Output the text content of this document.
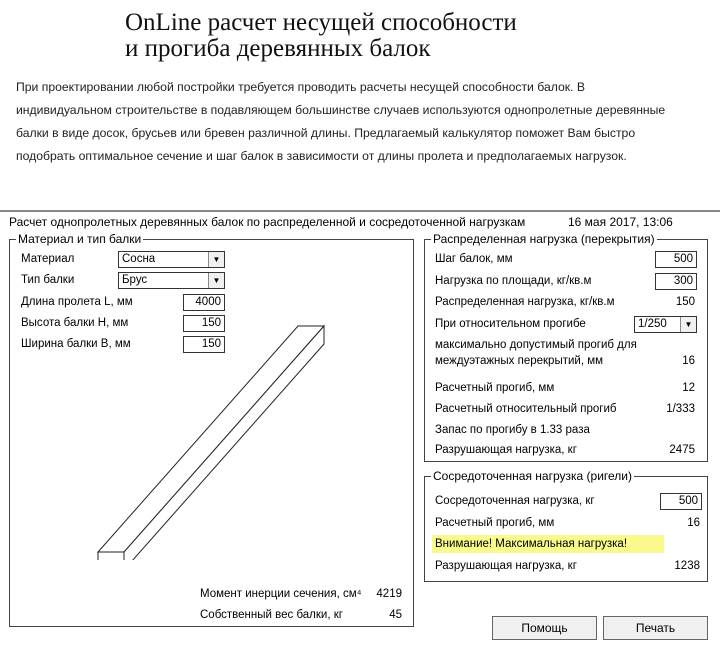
OnLine расчет несущей способности
и прогиба деревянных балок
При проектировании любой постройки требуется проводить расчеты несущей способности балок. В
индивидуальном строительстве в подавляющем большинстве случаев используются однопролетные деревянные
балки в виде досок, брусьев или бревен различной длины. Предлагаемый калькулятор поможет Вам быстро
подобрать оптимальное сечение и шаг балок в зависимости от длины пролета и предполагаемых нагрузок.
Расчет однопролетных деревянных балок по распределенной и сосредоточенной нагрузкам	16 мая 2017, 13:06
Материал и тип балки
Материал	Сосна	▼
Тип балки	Брус	▼
Длина пролета L, мм	4000
Высота балки H, мм	150
Ширина балки B, мм	150
Момент инерции сечения, см⁴	4219
Собственный вес балки, кг	45
Распределенная нагрузка (перекрытия)
Шаг балок, мм	500
Нагрузка по площади, кг/кв.м	300
Распределенная нагрузка, кг/кв.м	150
При относительном прогибе	1/250	▼
максимально допустимый прогиб для
междуэтажных перекрытий, мм	16
Расчетный прогиб, мм	12
Расчетный относительный прогиб	1/333
Запас по прогибу в 1.33 раза
Разрушающая нагрузка, кг	2475
Сосредоточенная нагрузка (ригели)
Сосредоточенная нагрузка, кг	500
Расчетный прогиб, мм	16
Внимание! Максимальная нагрузка!
Разрушающая нагрузка, кг	1238
Помощь	Печать
